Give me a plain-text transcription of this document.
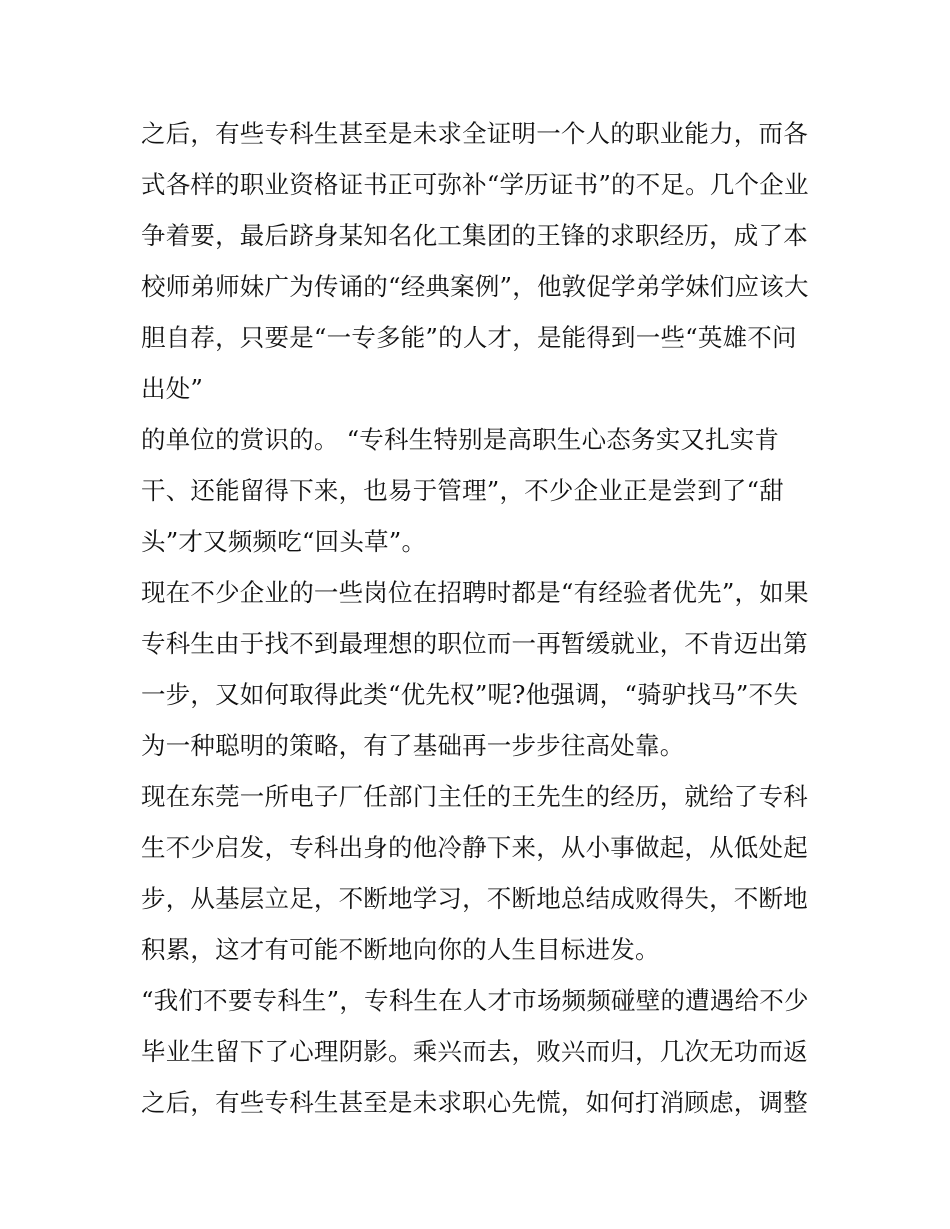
之后，有些专科生甚至是未求全证明一个人的职业能力，而各
式各样的职业资格证书正可弥补“学历证书”的不足。几个企业
争着要，最后跻身某知名化工集团的王锋的求职经历，成了本
校师弟师妹广为传诵的“经典案例”，他敦促学弟学妹们应该大
胆自荐，只要是“一专多能”的人才，是能得到一些“英雄不问
出处”
的单位的赏识的。 “专科生特别是高职生心态务实又扎实肯
干、还能留得下来，也易于管理”，不少企业正是尝到了“甜
头”才又频频吃“回头草”。
现在不少企业的一些岗位在招聘时都是“有经验者优先”，如果
专科生由于找不到最理想的职位而一再暂缓就业，不肯迈出第
一步，又如何取得此类“优先权”呢?他强调，“骑驴找马”不失
为一种聪明的策略，有了基础再一步步往高处靠。
现在东莞一所电子厂任部门主任的王先生的经历，就给了专科
生不少启发，专科出身的他冷静下来，从小事做起，从低处起
步，从基层立足，不断地学习，不断地总结成败得失，不断地
积累，这才有可能不断地向你的人生目标进发。
“我们不要专科生”，专科生在人才市场频频碰壁的遭遇给不少
毕业生留下了心理阴影。乘兴而去，败兴而归，几次无功而返
之后，有些专科生甚至是未求职心先慌，如何打消顾虑，调整
